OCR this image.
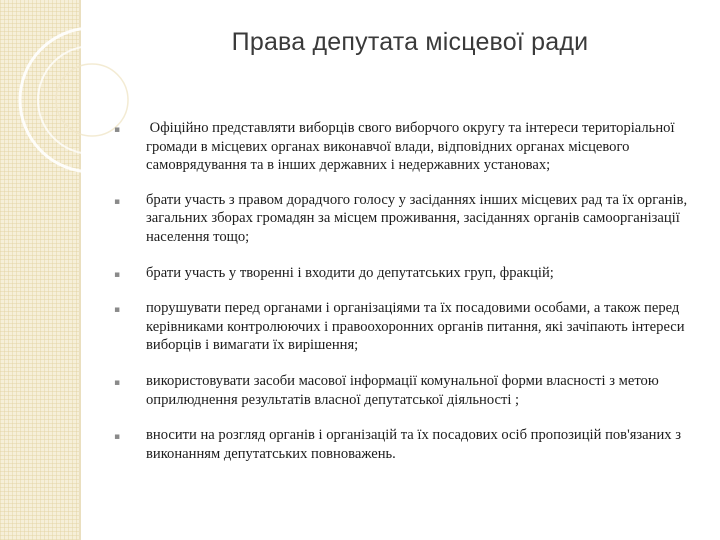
Права депутата місцевої ради
▪ Офіційно представляти виборців свого виборчого округу та інтереси територіальної громади в місцевих органах виконавчої влади, відповідних органах місцевого самоврядування та в інших державних і недержавних установах;
▪ брати участь з правом дорадчого голосу у засіданнях інших місцевих рад та їх органів, загальних зборах громадян за місцем проживання, засіданнях органів самоорганізації населення тощо;
▪ брати участь у творенні і входити до депутатських груп, фракцій;
▪ порушувати перед органами і організаціями та їх посадовими особами, а також перед керівниками контролюючих і правоохоронних органів питання, які зачіпають інтереси виборців і вимагати їх вирішення;
▪ використовувати засоби масової інформації комунальної форми власності з метою оприлюднення результатів власної депутатської діяльності ;
▪ вносити на розгляд органів і організацій та їх посадових осіб пропозицій пов'язаних з виконанням депутатських повноважень.
